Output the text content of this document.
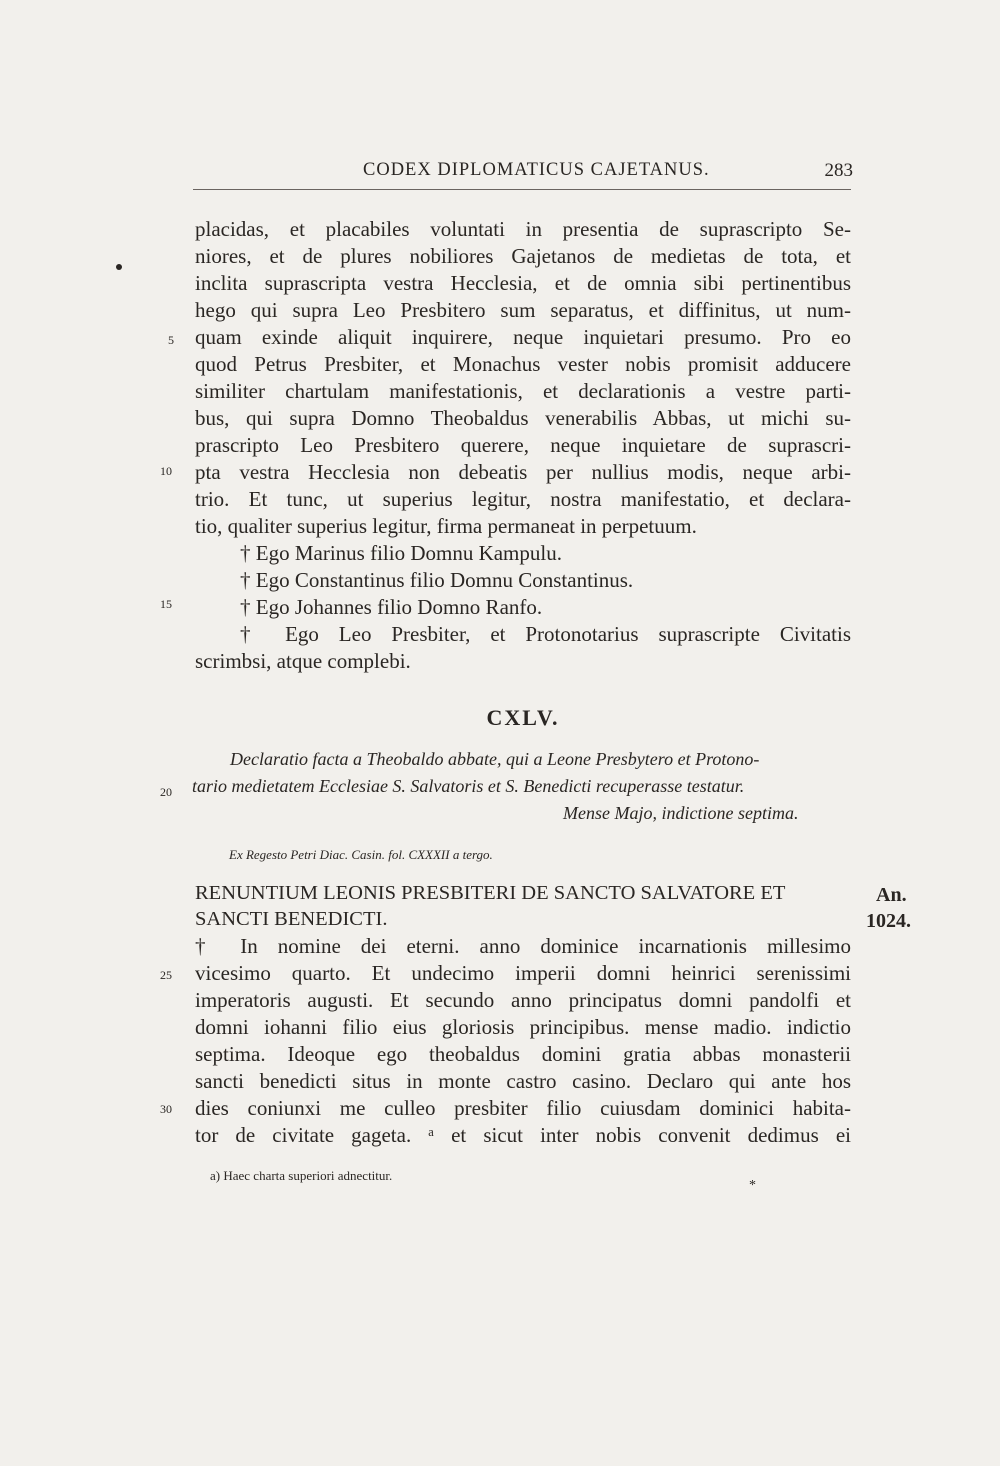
CODEX DIPLOMATICUS CAJETANUS.	283
placidas, et placabiles voluntati in presentia de suprascripto Se-
niores, et de plures nobiliores Gajetanos de medietas de tota, et
inclita suprascripta vestra Hecclesia, et de omnia sibi pertinentibus
hego qui supra Leo Presbitero sum separatus, et diffinitus, ut num-
quam exinde aliquit inquirere, neque inquietari presumo. Pro eo
quod Petrus Presbiter, et Monachus vester nobis promisit adducere
similiter chartulam manifestationis, et declarationis a vestre parti-
bus, qui supra Domno Theobaldus venerabilis Abbas, ut michi su-
prascripto Leo Presbitero querere, neque inquietare de suprascri-
pta vestra Hecclesia non debeatis per nullius modis, neque arbi-
trio. Et tunc, ut superius legitur, nostra manifestatio, et declara-
tio, qualiter superius legitur, firma permaneat in perpetuum.
† Ego Marinus filio Domnu Kampulu.
† Ego Constantinus filio Domnu Constantinus.
† Ego Johannes filio Domno Ranfo.
† Ego Leo Presbiter, et Protonotarius suprascripte Civitatis
scrimbsi, atque complebi.
CXLV.
Declaratio facta a Theobaldo abbate, qui a Leone Presbytero et Protono-
tario medietatem Ecclesiae S. Salvatoris et S. Benedicti recuperasse testatur.
Mense Majo, indictione septima.
Ex Regesto Petri Diac. Casin. fol. CXXXII a tergo.
RENUNTIUM LEONIS PRESBITERI DE SANCTO SALVATORE ET
SANCTI BENEDICTI.
An.
1024.
† In nomine dei eterni. anno dominice incarnationis millesimo
vicesimo quarto. Et undecimo imperii domni heinrici serenissimi
imperatoris augusti. Et secundo anno principatus domni pandolfi et
domni iohanni filio eius gloriosis principibus. mense madio. indictio
septima. Ideoque ego theobaldus domini gratia abbas monasterii
sancti benedicti situs in monte castro casino. Declaro qui ante hos
dies coniunxi me culleo presbiter filio cuiusdam dominici habita-
tor de civitate gageta. ᵃ et sicut inter nobis convenit dedimus ei
5
10
15
20
25
30
a) Haec charta superiori adnectitur.
*
